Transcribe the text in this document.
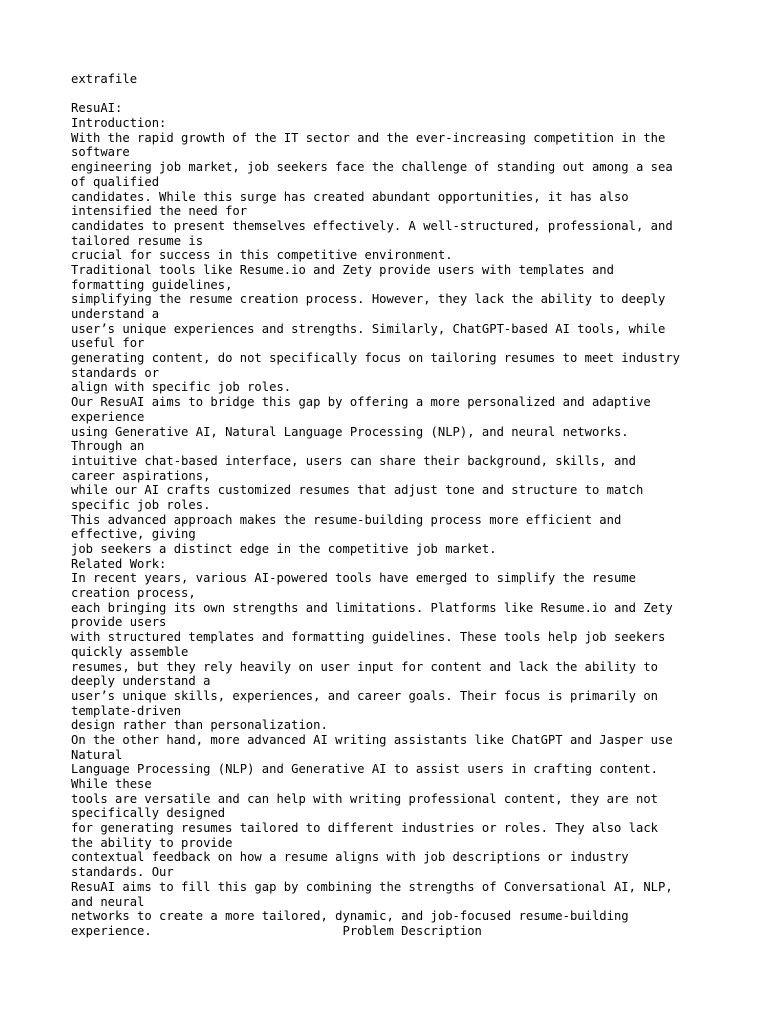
extrafile
ResuAI:
Introduction:
With the rapid growth of the IT sector and the ever-increasing competition in the
software
engineering job market, job seekers face the challenge of standing out among a sea
of qualified
candidates. While this surge has created abundant opportunities, it has also
intensified the need for
candidates to present themselves effectively. A well-structured, professional, and
tailored resume is
crucial for success in this competitive environment.
Traditional tools like Resume.io and Zety provide users with templates and
formatting guidelines,
simplifying the resume creation process. However, they lack the ability to deeply
understand a
user’s unique experiences and strengths. Similarly, ChatGPT-based AI tools, while
useful for
generating content, do not specifically focus on tailoring resumes to meet industry
standards or
align with specific job roles.
Our ResuAI aims to bridge this gap by offering a more personalized and adaptive
experience
using Generative AI, Natural Language Processing (NLP), and neural networks.
Through an
intuitive chat-based interface, users can share their background, skills, and
career aspirations,
while our AI crafts customized resumes that adjust tone and structure to match
specific job roles.
This advanced approach makes the resume-building process more efficient and
effective, giving
job seekers a distinct edge in the competitive job market.
Related Work:
In recent years, various AI-powered tools have emerged to simplify the resume
creation process,
each bringing its own strengths and limitations. Platforms like Resume.io and Zety
provide users
with structured templates and formatting guidelines. These tools help job seekers
quickly assemble
resumes, but they rely heavily on user input for content and lack the ability to
deeply understand a
user’s unique skills, experiences, and career goals. Their focus is primarily on
template-driven
design rather than personalization.
On the other hand, more advanced AI writing assistants like ChatGPT and Jasper use
Natural
Language Processing (NLP) and Generative AI to assist users in crafting content.
While these
tools are versatile and can help with writing professional content, they are not
specifically designed
for generating resumes tailored to different industries or roles. They also lack
the ability to provide
contextual feedback on how a resume aligns with job descriptions or industry
standards. Our
ResuAI aims to fill this gap by combining the strengths of Conversational AI, NLP,
and neural
networks to create a more tailored, dynamic, and job-focused resume-building
experience.                          Problem Description
